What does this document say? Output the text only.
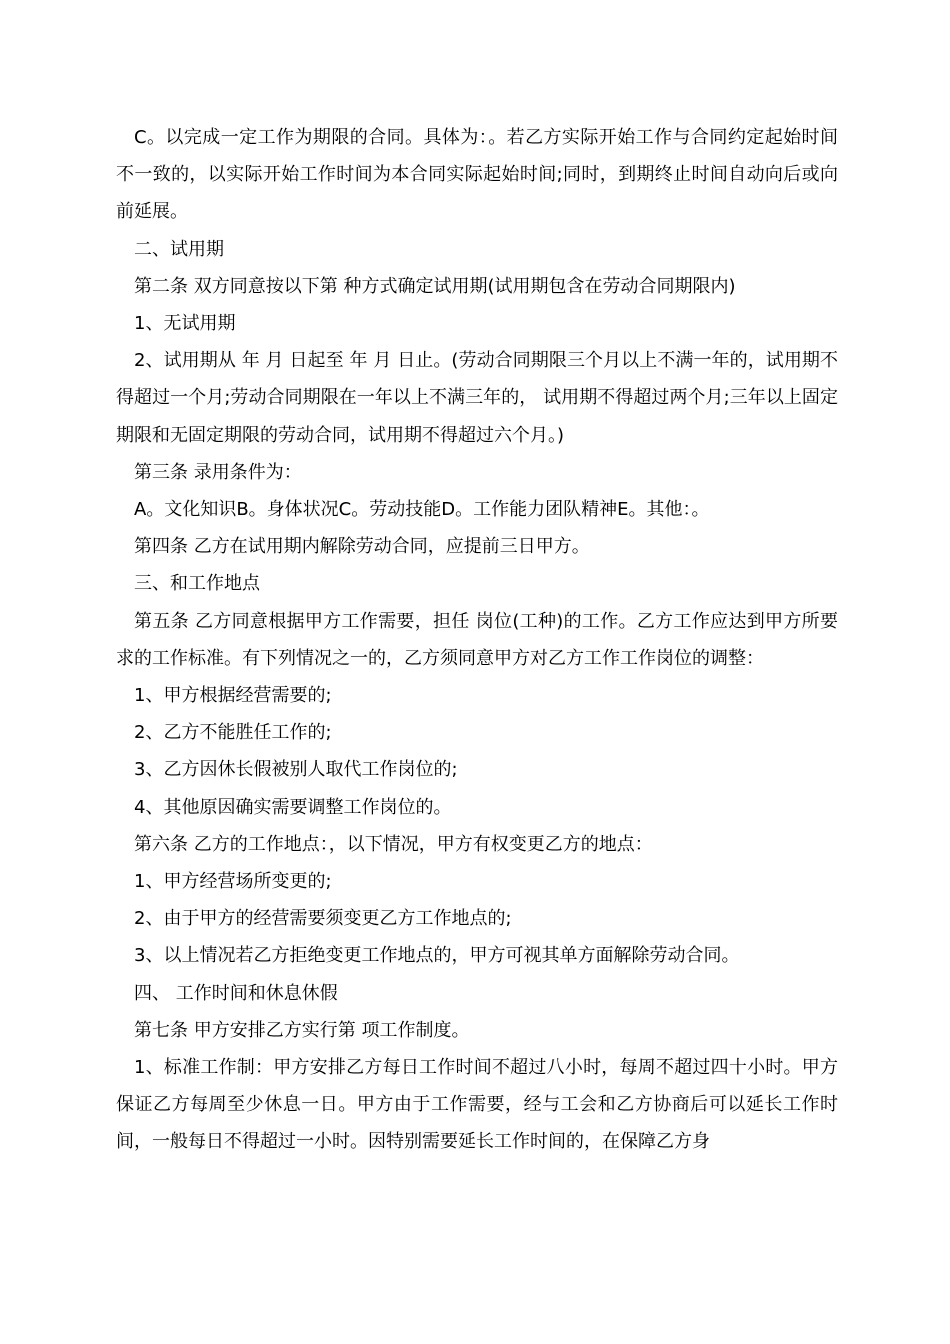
C。以完成一定工作为期限的合同。具体为：。若乙方实际开始工作与合同约定起始时间不一致的，以实际开始工作时间为本合同实际起始时间;同时，到期终止时间自动向后或向前延展。

二、试用期

第二条 双方同意按以下第 种方式确定试用期(试用期包含在劳动合同期限内)

1、无试用期

2、试用期从 年 月 日起至 年 月 日止。(劳动合同期限三个月以上不满一年的，试用期不得超过一个月;劳动合同期限在一年以上不满三年的， 试用期不得超过两个月;三年以上固定期限和无固定期限的劳动合同，试用期不得超过六个月。)

第三条 录用条件为：

A。文化知识B。身体状况C。劳动技能D。工作能力团队精神E。其他：。

第四条 乙方在试用期内解除劳动合同，应提前三日甲方。

三、和工作地点

第五条 乙方同意根据甲方工作需要，担任 岗位(工种)的工作。乙方工作应达到甲方所要求的工作标准。有下列情况之一的，乙方须同意甲方对乙方工作工作岗位的调整：

1、甲方根据经营需要的;

2、乙方不能胜任工作的;

3、乙方因休长假被别人取代工作岗位的;

4、其他原因确实需要调整工作岗位的。

第六条 乙方的工作地点：，以下情况，甲方有权变更乙方的地点：

1、甲方经营场所变更的;

2、由于甲方的经营需要须变更乙方工作地点的;

3、以上情况若乙方拒绝变更工作地点的，甲方可视其单方面解除劳动合同。

四、 工作时间和休息休假

第七条 甲方安排乙方实行第 项工作制度。

1、标准工作制：甲方安排乙方每日工作时间不超过八小时，每周不超过四十小时。甲方保证乙方每周至少休息一日。甲方由于工作需要，经与工会和乙方协商后可以延长工作时间，一般每日不得超过一小时。因特别需要延长工作时间的，在保障乙方身
